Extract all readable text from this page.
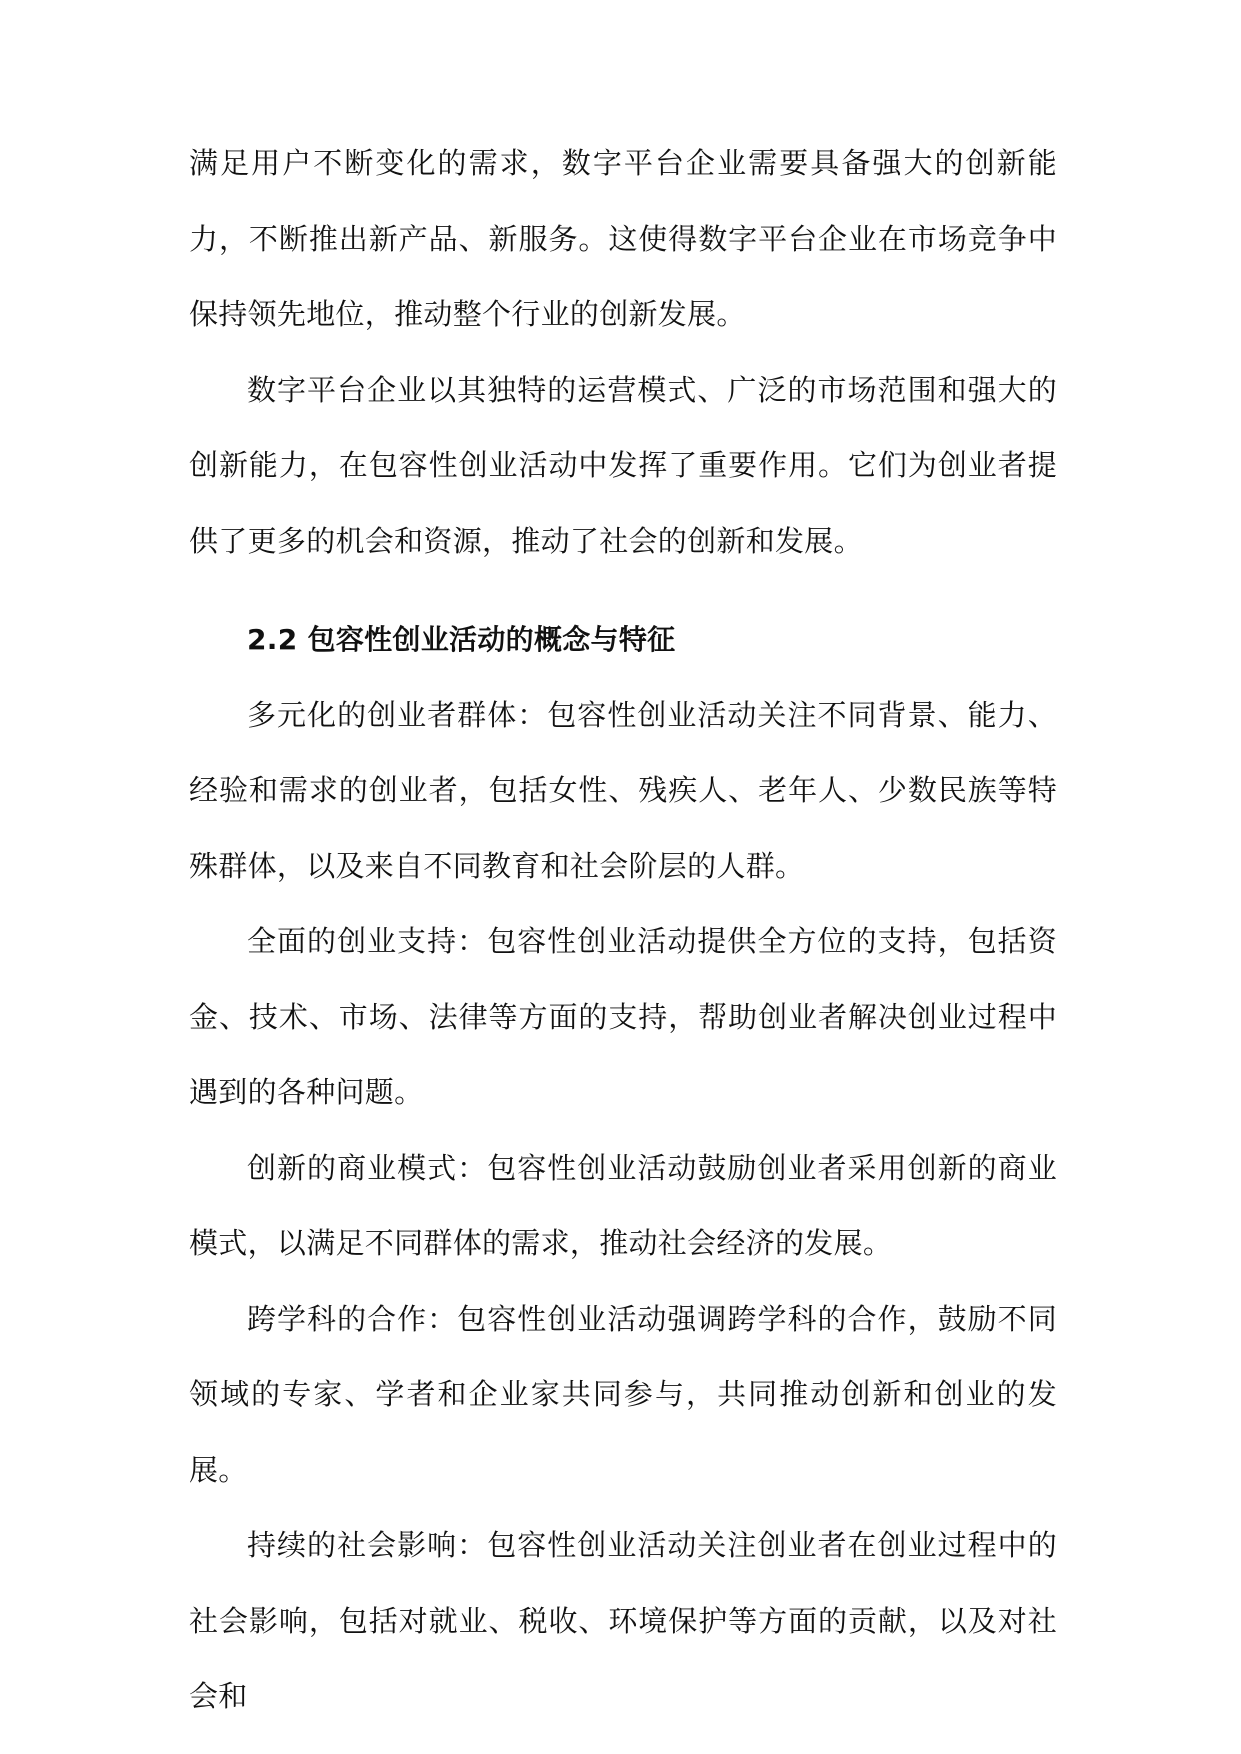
满足用户不断变化的需求，数字平台企业需要具备强大的创新能力，不断推出新产品、新服务。这使得数字平台企业在市场竞争中保持领先地位，推动整个行业的创新发展。

数字平台企业以其独特的运营模式、广泛的市场范围和强大的创新能力，在包容性创业活动中发挥了重要作用。它们为创业者提供了更多的机会和资源，推动了社会的创新和发展。

2.2 包容性创业活动的概念与特征

多元化的创业者群体：包容性创业活动关注不同背景、能力、经验和需求的创业者，包括女性、残疾人、老年人、少数民族等特殊群体，以及来自不同教育和社会阶层的人群。

全面的创业支持：包容性创业活动提供全方位的支持，包括资金、技术、市场、法律等方面的支持，帮助创业者解决创业过程中遇到的各种问题。

创新的商业模式：包容性创业活动鼓励创业者采用创新的商业模式，以满足不同群体的需求，推动社会经济的发展。

跨学科的合作：包容性创业活动强调跨学科的合作，鼓励不同领域的专家、学者和企业家共同参与，共同推动创新和创业的发展。

持续的社会影响：包容性创业活动关注创业者在创业过程中的社会影响，包括对就业、税收、环境保护等方面的贡献，以及对社会和
